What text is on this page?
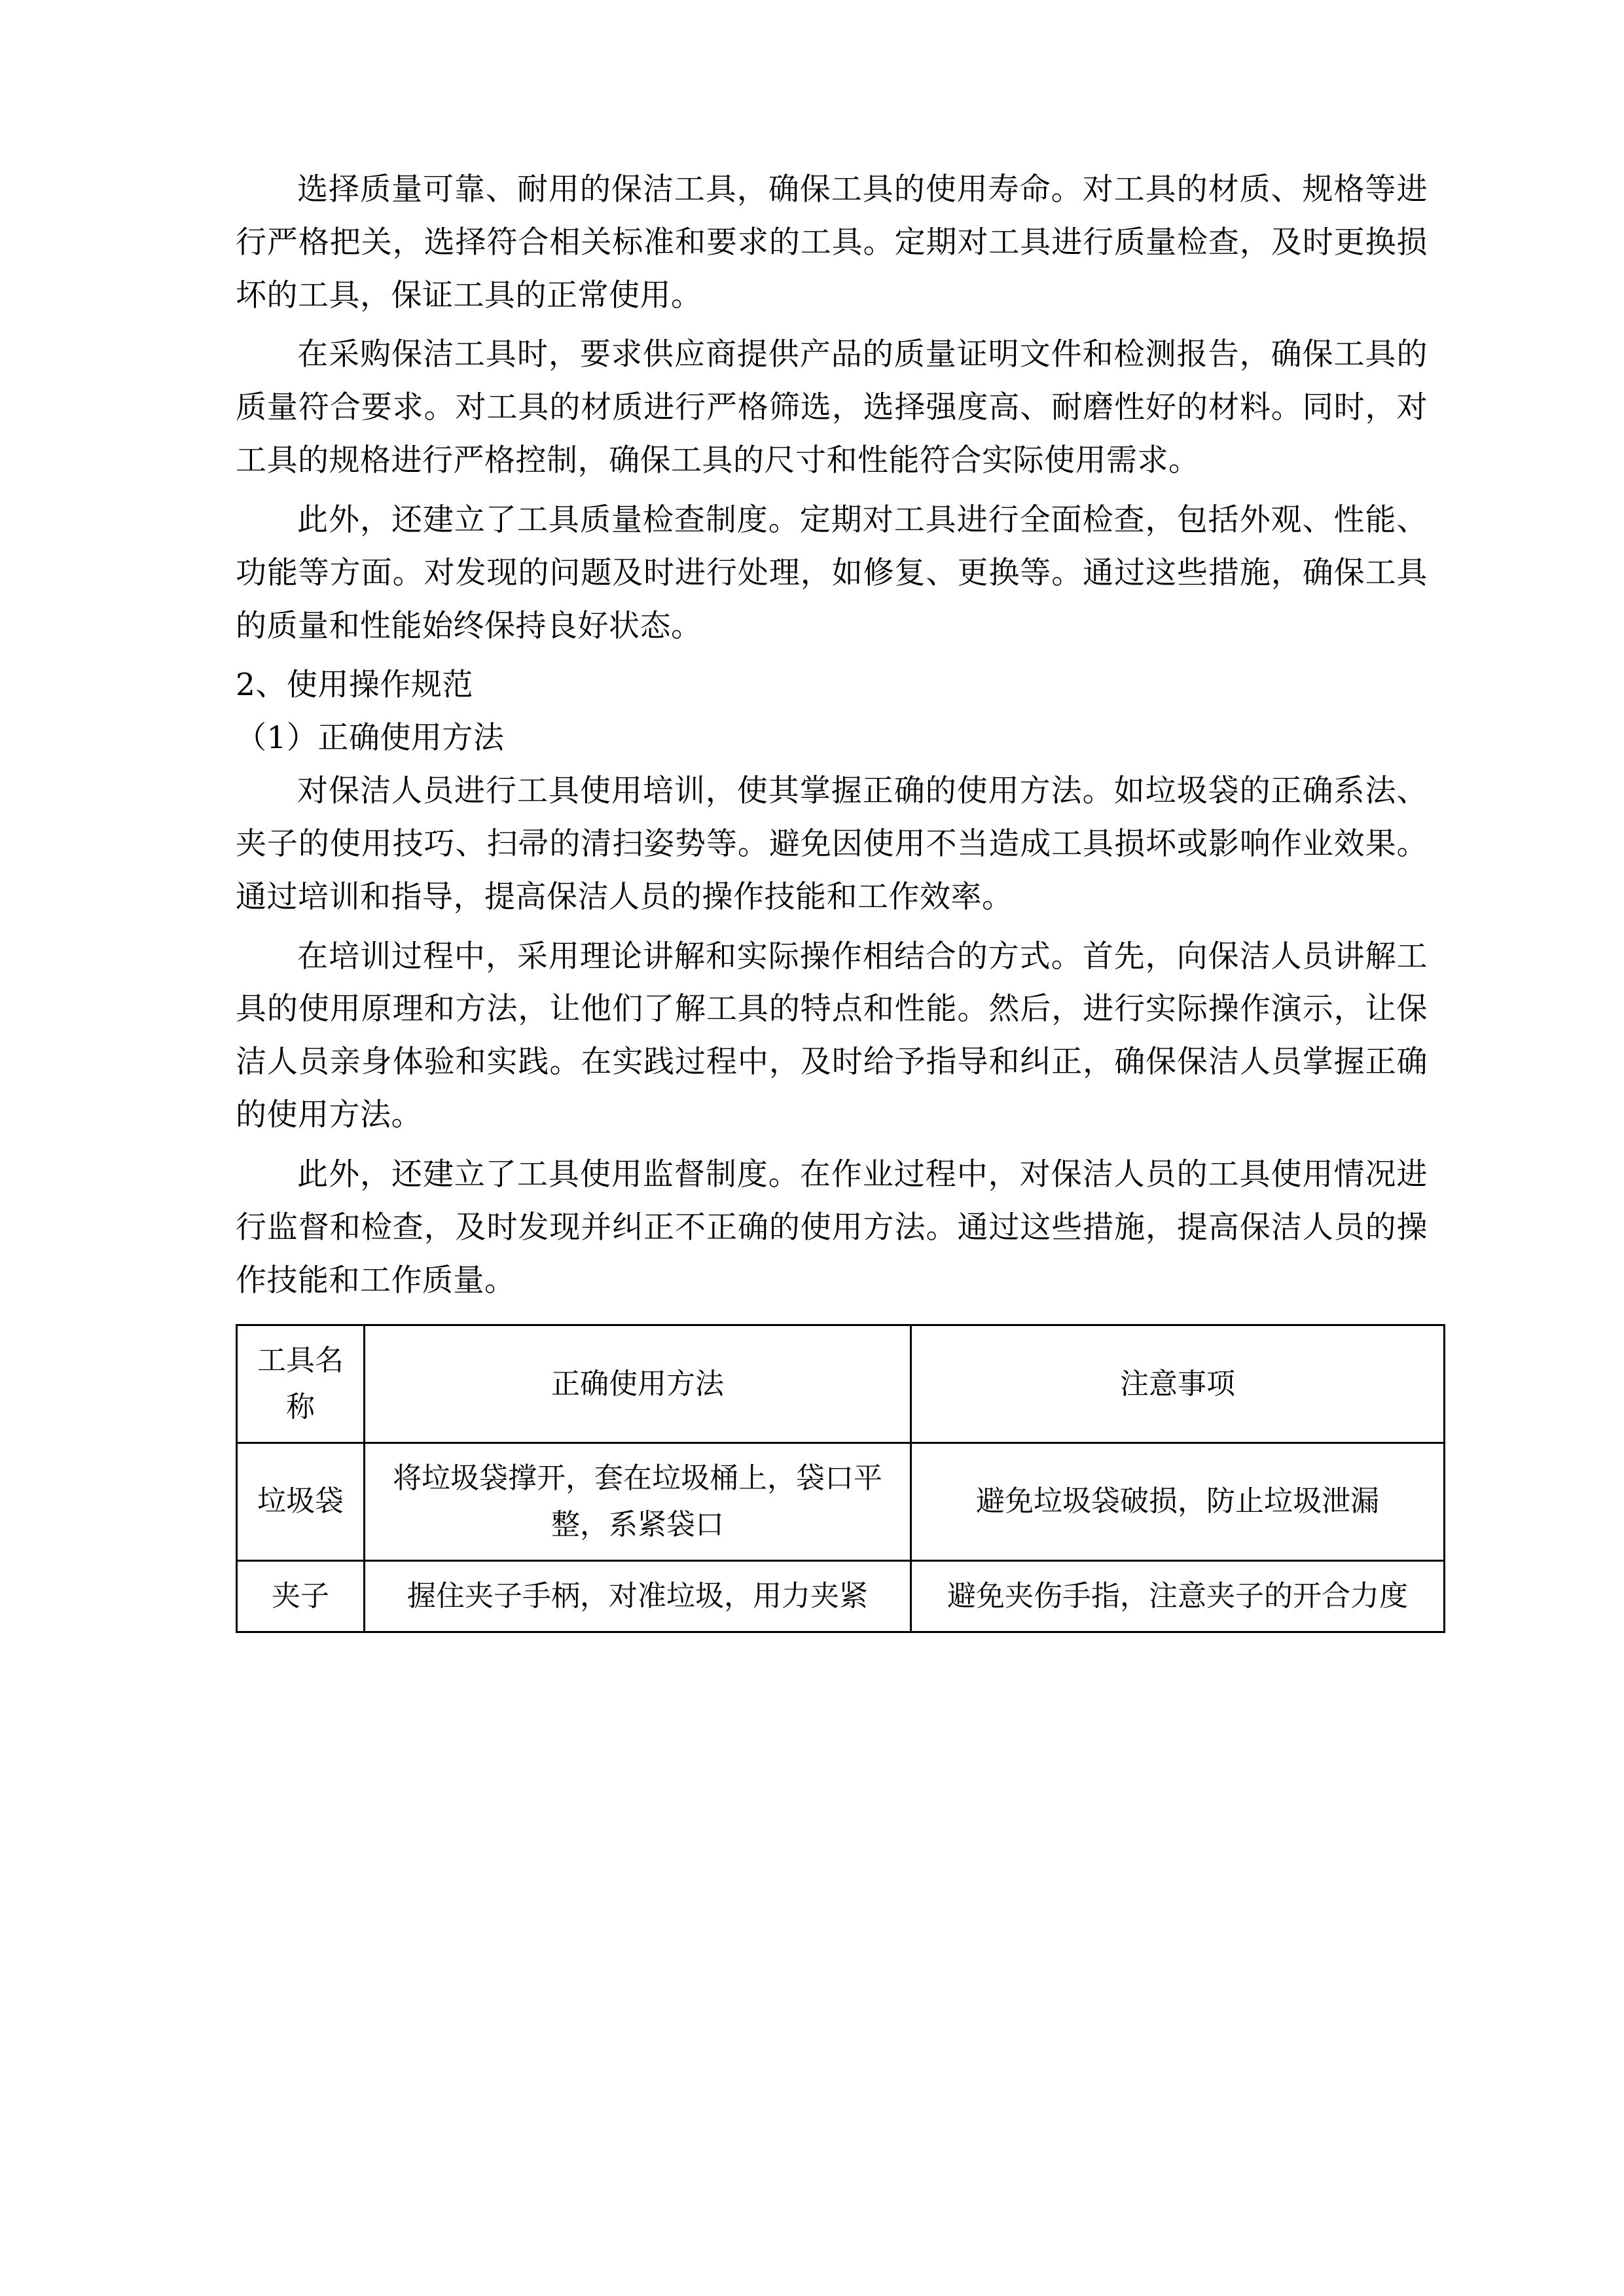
选择质量可靠、耐用的保洁工具，确保工具的使用寿命。对工具的材质、规格等进行严格把关，选择符合相关标准和要求的工具。定期对工具进行质量检查，及时更换损坏的工具，保证工具的正常使用。

在采购保洁工具时，要求供应商提供产品的质量证明文件和检测报告，确保工具的质量符合要求。对工具的材质进行严格筛选，选择强度高、耐磨性好的材料。同时，对工具的规格进行严格控制，确保工具的尺寸和性能符合实际使用需求。

此外，还建立了工具质量检查制度。定期对工具进行全面检查，包括外观、性能、功能等方面。对发现的问题及时进行处理，如修复、更换等。通过这些措施，确保工具的质量和性能始终保持良好状态。

2、使用操作规范

（1）正确使用方法

对保洁人员进行工具使用培训，使其掌握正确的使用方法。如垃圾袋的正确系法、夹子的使用技巧、扫帚的清扫姿势等。避免因使用不当造成工具损坏或影响作业效果。通过培训和指导，提高保洁人员的操作技能和工作效率。

在培训过程中，采用理论讲解和实际操作相结合的方式。首先，向保洁人员讲解工具的使用原理和方法，让他们了解工具的特点和性能。然后，进行实际操作演示，让保洁人员亲身体验和实践。在实践过程中，及时给予指导和纠正，确保保洁人员掌握正确的使用方法。

此外，还建立了工具使用监督制度。在作业过程中，对保洁人员的工具使用情况进行监督和检查，及时发现并纠正不正确的使用方法。通过这些措施，提高保洁人员的操作技能和工作质量。

工具名称	正确使用方法	注意事项
垃圾袋	将垃圾袋撑开，套在垃圾桶上，袋口平整，系紧袋口	避免垃圾袋破损，防止垃圾泄漏
夹子	握住夹子手柄，对准垃圾，用力夹紧	避免夹伤手指，注意夹子的开合力度
